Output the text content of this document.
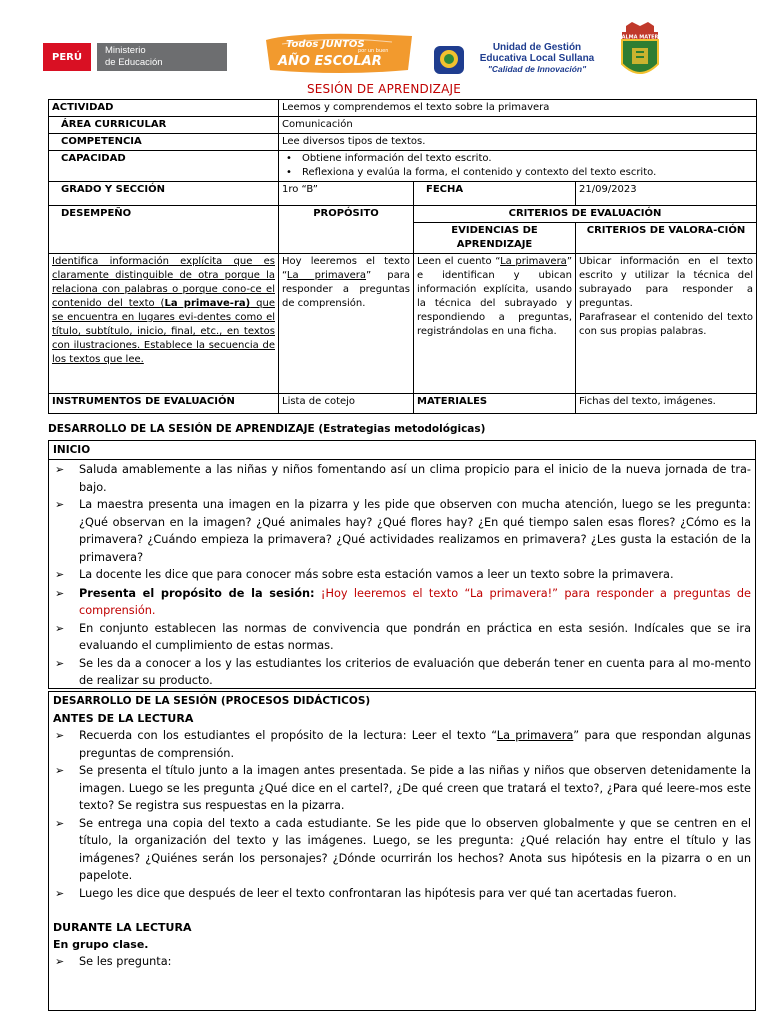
PERÚ
Ministerio
de Educación
Todos JUNTOS
por un buen
AÑO ESCOLAR
Unidad de Gestión
Educativa Local Sullana
"Calidad de Innovación"
ALMA MATER
SESIÓN DE APRENDIZAJE
ACTIVIDAD	Leemos y comprendemos el texto sobre la primavera		
ÁREA CURRICULAR	Comunicación		
COMPETENCIA	Lee diversos tipos de textos.		
CAPACIDAD	• Obtiene información del texto escrito.
• Reflexiona y evalúa la forma, el contenido y contexto del texto escrito.

GRADO Y SECCIÓN	1ro “B”	FECHA	21/09/2023
DESEMPEÑO	PROPÓSITO	CRITERIOS DE EVALUACIÓN	
		EVIDENCIAS DE APRENDIZAJE	CRITERIOS DE VALORA-CIÓN
Identifica información explícita que es claramente distinguible de otra porque la relaciona con palabras o porque cono-ce el contenido del texto (La primave-ra) que se encuentra en lugares evi-dentes como el título, subtítulo, inicio, final, etc., en textos con ilustraciones. Establece la secuencia de los textos que lee.	Hoy leeremos el texto “La primavera” para responder a preguntas de comprensión.	Leen el cuento “La primavera” e identifican y ubican información explícita, usando la técnica del subrayado y respondiendo a preguntas, registrándolas en una ficha.	Ubicar información en el texto escrito y utilizar la técnica del subrayado para responder a preguntas.
Parafrasear el contenido del texto con sus propias palabras.

INSTRUMENTOS DE EVALUACIÓN	Lista de cotejo	MATERIALES	Fichas del texto, imágenes.
DESARROLLO DE LA SESIÓN DE APRENDIZAJE (Estrategias metodológicas)
INICIO
➢ Saluda amablemente a las niñas y niños fomentando así un clima propicio para el inicio de la nueva jornada de tra-bajo.
➢ La maestra presenta una imagen en la pizarra y les pide que observen con mucha atención, luego se les pregunta: ¿Qué observan en la imagen? ¿Qué animales hay? ¿Qué flores hay? ¿En qué tiempo salen esas flores? ¿Cómo es la primavera? ¿Cuándo empieza la primavera? ¿Qué actividades realizamos en primavera? ¿Les gusta la estación de la primavera?
➢ La docente les dice que para conocer más sobre esta estación vamos a leer un texto sobre la primavera.
➢ Presenta el propósito de la sesión: ¡Hoy leeremos el texto “La primavera!” para responder a preguntas de comprensión.
➢ En conjunto establecen las normas de convivencia que pondrán en práctica en esta sesión. Indícales que se ira evaluando el cumplimiento de estas normas.
➢ Se les da a conocer a los y las estudiantes los criterios de evaluación que deberán tener en cuenta para al mo-mento de realizar su producto.
DESARROLLO DE LA SESIÓN (PROCESOS DIDÁCTICOS)
ANTES DE LA LECTURA
➢ Recuerda con los estudiantes el propósito de la lectura: Leer el texto “La primavera” para que respondan algunas preguntas de comprensión.
➢ Se presenta el título junto a la imagen antes presentada. Se pide a las niñas y niños que observen detenidamente la imagen. Luego se les pregunta ¿Qué dice en el cartel?, ¿De qué creen que tratará el texto?, ¿Para qué leere-mos este texto? Se registra sus respuestas en la pizarra.
➢ Se entrega una copia del texto a cada estudiante. Se les pide que lo observen globalmente y que se centren en el título, la organización del texto y las imágenes. Luego, se les pregunta: ¿Qué relación hay entre el título y las imágenes? ¿Quiénes serán los personajes? ¿Dónde ocurrirán los hechos? Anota sus hipótesis en la pizarra o en un papelote.
➢ Luego les dice que después de leer el texto confrontaran las hipótesis para ver qué tan acertadas fueron.
DURANTE LA LECTURA
En grupo clase.
➢ Se les pregunta:
